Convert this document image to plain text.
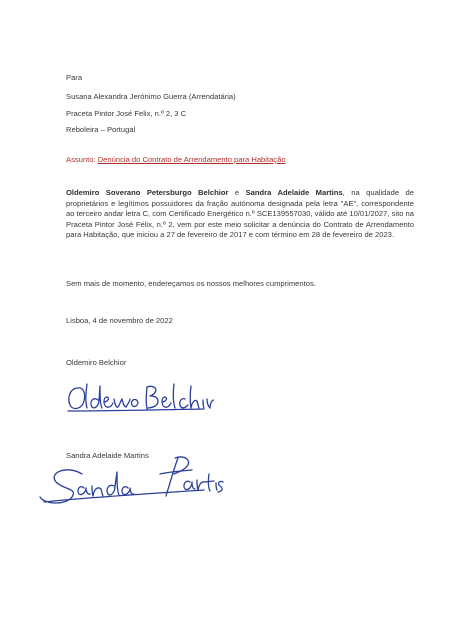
Para
Susana Alexandra Jerónimo Guerra (Arrendatária)
Praceta Pintor José Felix, n.º 2, 3 C
Reboleira – Portugal
Assunto: Denúncia do Contrato de Arrendamento para Habitação
Oldemiro Soverano Petersburgo Belchior e Sandra Adelaide Martins, na qualidade de proprietários e legítimos possuidores da fração autónoma designada pela letra "AE", correspondente ao terceiro andar letra C, com Certificado Energético n.º SCE139557030, válido até 10/01/2027, sito na Praceta Pintor José Félix, n.º 2, vem por este meio solicitar a denúncia do Contrato de Arrendamento para Habitação, que iniciou a 27 de fevereiro de 2017 e com término em 28 de fevereiro de 2023.
Sem mais de momento, endereçamos os nossos melhores cumprimentos.
Lisboa, 4 de novembro de 2022
Oldemiro Belchior
Sandra Adelaide Martins
